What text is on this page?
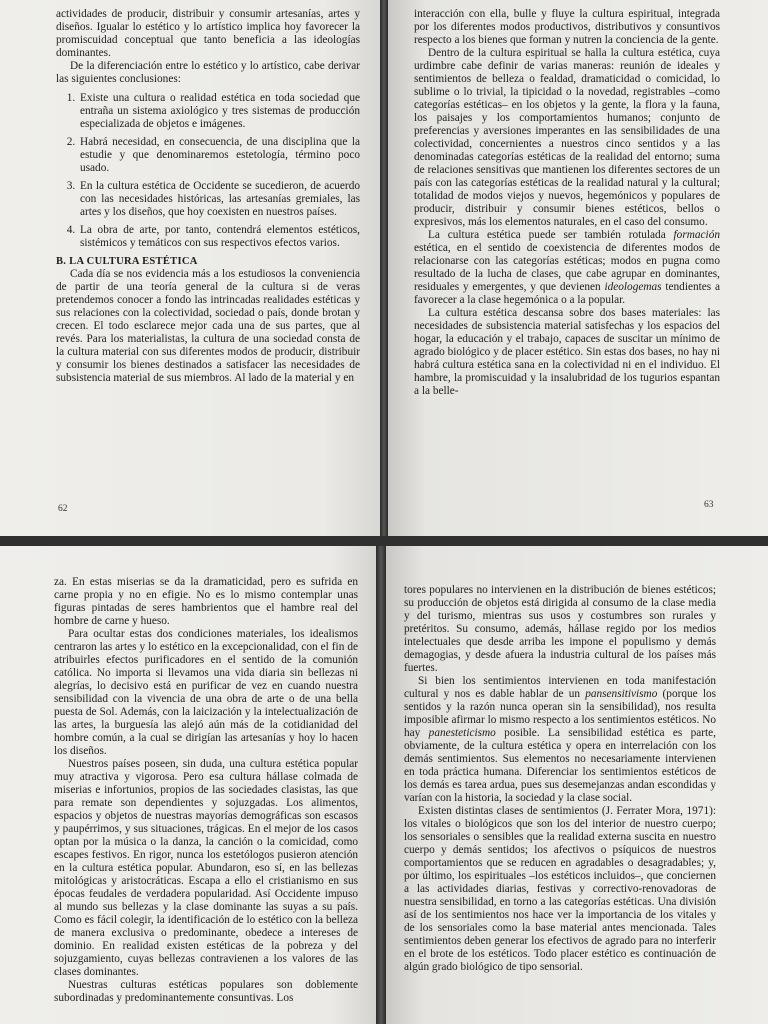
actividades de producir, distribuir y consumir artesanías, artes y diseños. Igualar lo estético y lo artístico implica hoy favorecer la promiscuidad conceptual que tanto beneficia a las ideologías dominantes.

De la diferenciación entre lo estético y lo artístico, cabe derivar las siguientes conclusiones:

1. Existe una cultura o realidad estética en toda sociedad que entraña un sistema axiológico y tres sistemas de producción especializada de objetos e imágenes.
2. Habrá necesidad, en consecuencia, de una disciplina que la estudie y que denominaremos estetología, término poco usado.
3. En la cultura estética de Occidente se sucedieron, de acuerdo con las necesidades históricas, las artesanías gremiales, las artes y los diseños, que hoy coexisten en nuestros países.
4. La obra de arte, por tanto, contendrá elementos estéticos, sistémicos y temáticos con sus respectivos efectos varios.

B. LA CULTURA ESTÉTICA

Cada día se nos evidencia más a los estudiosos la conveniencia de partir de una teoría general de la cultura si de veras pretendemos conocer a fondo las intrincadas realidades estéticas y sus relaciones con la colectividad, sociedad o país, donde brotan y crecen. El todo esclarece mejor cada una de sus partes, que al revés. Para los materialistas, la cultura de una sociedad consta de la cultura material con sus diferentes modos de producir, distribuir y consumir los bienes destinados a satisfacer las necesidades de subsistencia material de sus miembros. Al lado de la material y en

62

interacción con ella, bulle y fluye la cultura espiritual, integrada por los diferentes modos productivos, distributivos y consuntivos respecto a los bienes que forman y nutren la conciencia de la gente.

Dentro de la cultura espiritual se halla la cultura estética, cuya urdimbre cabe definir de varias maneras: reunión de ideales y sentimientos de belleza o fealdad, dramaticidad o comicidad, lo sublime o lo trivial, la tipicidad o la novedad, registrables –como categorías estéticas– en los objetos y la gente, la flora y la fauna, los paisajes y los comportamientos humanos; conjunto de preferencias y aversiones imperantes en las sensibilidades de una colectividad, concernientes a nuestros cinco sentidos y a las denominadas categorías estéticas de la realidad del entorno; suma de relaciones sensitivas que mantienen los diferentes sectores de un país con las categorías estéticas de la realidad natural y la cultural; totalidad de modos viejos y nuevos, hegemónicos y populares de producir, distribuir y consumir bienes estéticos, bellos o expresivos, más los elementos naturales, en el caso del consumo.

La cultura estética puede ser también rotulada formación estética, en el sentido de coexistencia de diferentes modos de relacionarse con las categorías estéticas; modos en pugna como resultado de la lucha de clases, que cabe agrupar en dominantes, residuales y emergentes, y que devienen ideologemas tendientes a favorecer a la clase hegemónica o a la popular.

La cultura estética descansa sobre dos bases materiales: las necesidades de subsistencia material satisfechas y los espacios del hogar, la educación y el trabajo, capaces de suscitar un mínimo de agrado biológico y de placer estético. Sin estas dos bases, no hay ni habrá cultura estética sana en la colectividad ni en el individuo. El hambre, la promiscuidad y la insalubridad de los tugurios espantan a la belle-

63

za. En estas miserias se da la dramaticidad, pero es sufrida en carne propia y no en efigie. No es lo mismo contemplar unas figuras pintadas de seres hambrientos que el hambre real del hombre de carne y hueso.

Para ocultar estas dos condiciones materiales, los idealismos centraron las artes y lo estético en la excepcionalidad, con el fin de atribuirles efectos purificadores en el sentido de la comunión católica. No importa si llevamos una vida diaria sin bellezas ni alegrías, lo decisivo está en purificar de vez en cuando nuestra sensibilidad con la vivencia de una obra de arte o de una bella puesta de Sol. Además, con la laicización y la intelectualización de las artes, la burguesía las alejó aún más de la cotidianidad del hombre común, a la cual se dirigían las artesanías y hoy lo hacen los diseños.

Nuestros países poseen, sin duda, una cultura estética popular muy atractiva y vigorosa. Pero esa cultura hállase colmada de miserias e infortunios, propios de las sociedades clasistas, las que para remate son dependientes y sojuzgadas. Los alimentos, espacios y objetos de nuestras mayorías demográficas son escasos y paupérrimos, y sus situaciones, trágicas. En el mejor de los casos optan por la música o la danza, la canción o la comicidad, como escapes festivos. En rigor, nunca los estetólogos pusieron atención en la cultura estética popular. Abundaron, eso sí, en las bellezas mitológicas y aristocráticas. Escapa a ello el cristianismo en sus épocas feudales de verdadera popularidad. Así Occidente impuso al mundo sus bellezas y la clase dominante las suyas a su país. Como es fácil colegir, la identificación de lo estético con la belleza de manera exclusiva o predominante, obedece a intereses de dominio. En realidad existen estéticas de la pobreza y del sojuzgamiento, cuyas bellezas contravienen a los valores de las clases dominantes.

Nuestras culturas estéticas populares son doblemente subordinadas y predominantemente consuntivas. Los

tores populares no intervienen en la distribución de bienes estéticos; su producción de objetos está dirigida al consumo de la clase media y del turismo, mientras sus usos y costumbres son rurales y pretéritos. Su consumo, además, hállase regido por los medios intelectuales que desde arriba les impone el populismo y demás demagogias, y desde afuera la industria cultural de los países más fuertes.

Si bien los sentimientos intervienen en toda manifestación cultural y nos es dable hablar de un pansensitivismo (porque los sentidos y la razón nunca operan sin la sensibilidad), nos resulta imposible afirmar lo mismo respecto a los sentimientos estéticos. No hay panesteticismo posible. La sensibilidad estética es parte, obviamente, de la cultura estética y opera en interrelación con los demás sentimientos. Sus elementos no necesariamente intervienen en toda práctica humana. Diferenciar los sentimientos estéticos de los demás es tarea ardua, pues sus desemejanzas andan escondidas y varían con la historia, la sociedad y la clase social.

Existen distintas clases de sentimientos (J. Ferrater Mora, 1971): los vitales o biológicos que son los del interior de nuestro cuerpo; los sensoriales o sensibles que la realidad externa suscita en nuestro cuerpo y demás sentidos; los afectivos o psíquicos de nuestros comportamientos que se reducen en agradables o desagradables; y, por último, los espirituales –los estéticos incluidos–, que conciernen a las actividades diarias, festivas y correctivo-renovadoras de nuestra sensibilidad, en torno a las categorías estéticas. Una división así de los sentimientos nos hace ver la importancia de los vitales y de los sensoriales como la base material antes mencionada. Tales sentimientos deben generar los efectivos de agrado para no interferir en el brote de los estéticos. Todo placer estético es continuación de algún grado biológico de tipo sensorial.
